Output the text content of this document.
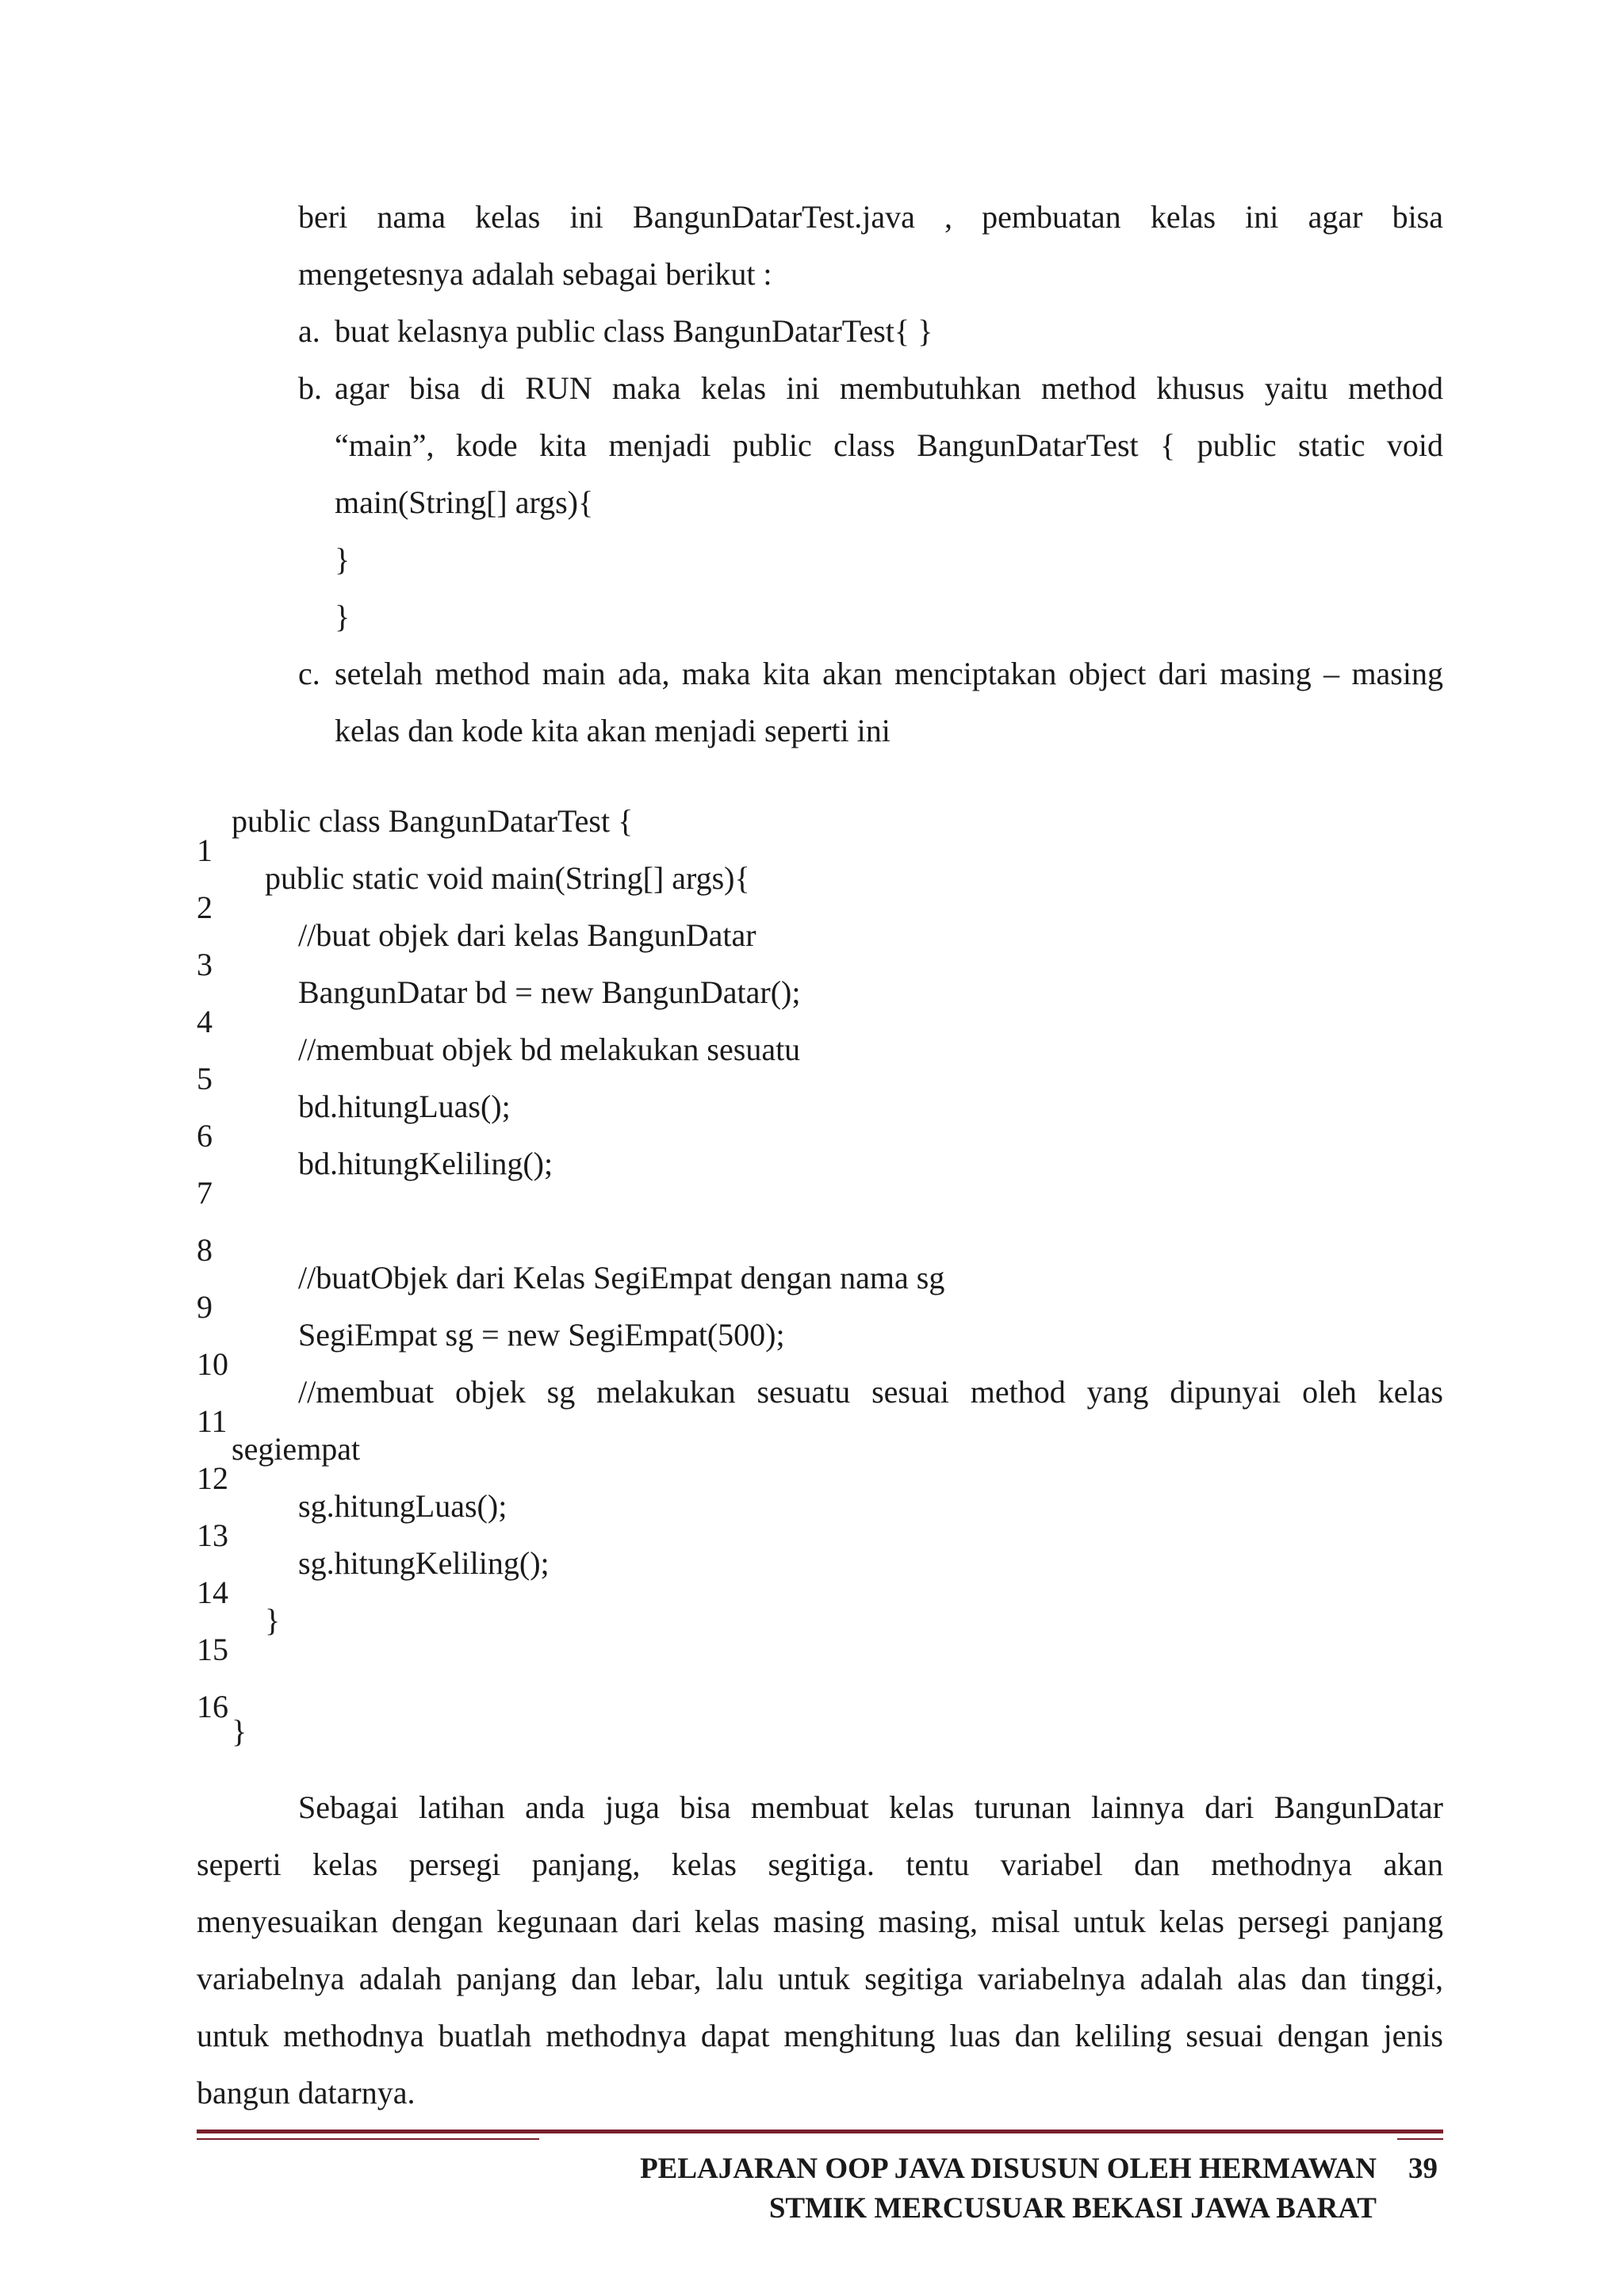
beri nama kelas ini BangunDatarTest.java , pembuatan kelas ini agar bisa
mengetesnya adalah sebagai berikut :
a. buat kelasnya public class BangunDatarTest{ }
b. agar bisa di RUN maka kelas ini membutuhkan method khusus yaitu method
“main”, kode kita menjadi public class BangunDatarTest { public static void
main(String[] args){
}
}
c. setelah method main ada, maka kita akan menciptakan object dari masing – masing
kelas dan kode kita akan menjadi seperti ini
1
2
3
4
5
6
7
8
9
10
11
12
13
14
15
16
public class BangunDatarTest {
public static void main(String[] args){
//buat objek dari kelas BangunDatar
BangunDatar bd = new BangunDatar();
//membuat objek bd melakukan sesuatu
bd.hitungLuas();
bd.hitungKeliling();
//buatObjek dari Kelas SegiEmpat dengan nama sg
SegiEmpat sg = new SegiEmpat(500);
//membuat objek sg melakukan sesuatu sesuai method yang dipunyai oleh kelas
segiempat
sg.hitungLuas();
sg.hitungKeliling();
}
}
Sebagai latihan anda juga bisa membuat kelas turunan lainnya dari BangunDatar
seperti kelas persegi panjang, kelas segitiga. tentu variabel dan methodnya akan
menyesuaikan dengan kegunaan dari kelas masing masing, misal untuk kelas persegi panjang
variabelnya adalah panjang dan lebar, lalu untuk segitiga variabelnya adalah alas dan tinggi,
untuk methodnya buatlah methodnya dapat menghitung luas dan keliling sesuai dengan jenis
bangun datarnya.
PELAJARAN OOP JAVA DISUSUN OLEH HERMAWAN 39
STMIK MERCUSUAR BEKASI JAWA BARAT
